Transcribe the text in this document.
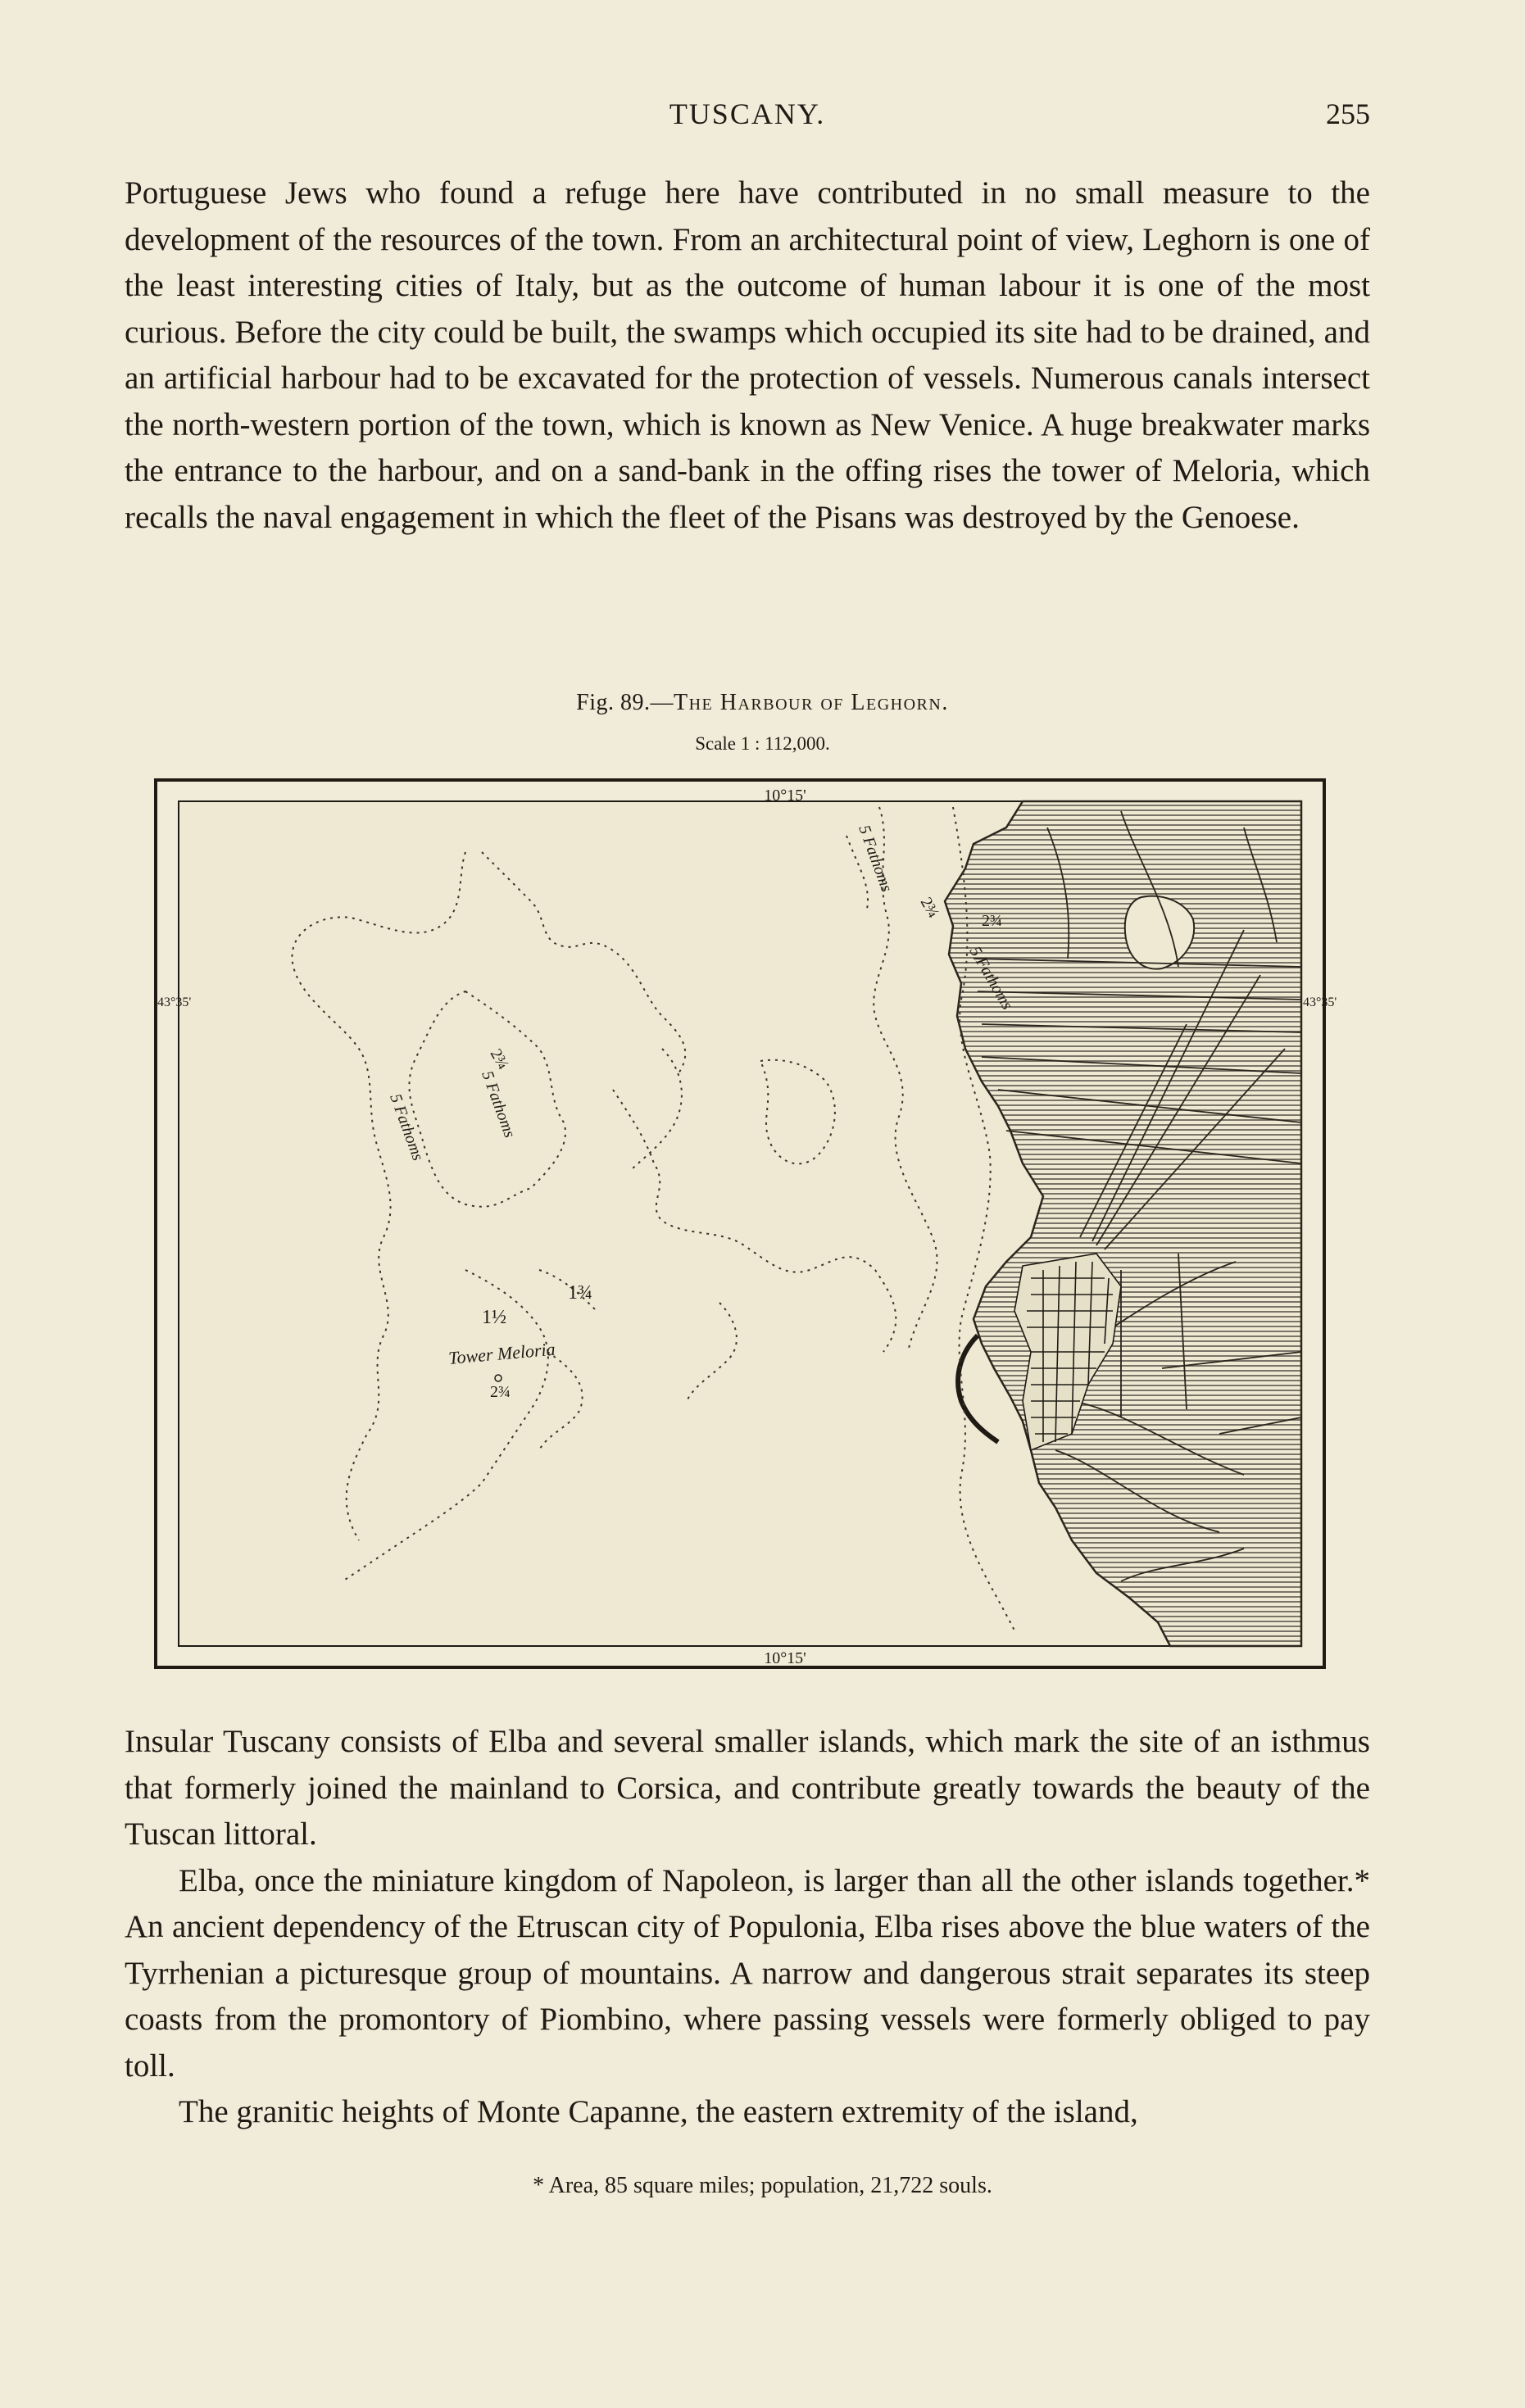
TUSCANY.	255

Portuguese Jews who found a refuge here have contributed in no small measure to the development of the resources of the town. From an architectural point of view, Leghorn is one of the least interesting cities of Italy, but as the outcome of human labour it is one of the most curious. Before the city could be built, the swamps which occupied its site had to be drained, and an artificial harbour had to be excavated for the protection of vessels. Numerous canals intersect the north-western portion of the town, which is known as New Venice. A huge breakwater marks the entrance to the harbour, and on a sand-bank in the offing rises the tower of Meloria, which recalls the naval engagement in which the fleet of the Pisans was destroyed by the Genoese.

Fig. 89.—The Harbour of Leghorn.
Scale 1 : 112,000.
10°15'
10°15'
43°35'	43°35'
Tower Meloria
5 Fathoms
5 Fathoms
5 Fathoms	5 Fathoms
2¾ 2¾
1½
1¾
2¾
2¾

Insular Tuscany consists of Elba and several smaller islands, which mark the site of an isthmus that formerly joined the mainland to Corsica, and contribute greatly towards the beauty of the Tuscan littoral.

Elba, once the miniature kingdom of Napoleon, is larger than all the other islands together.* An ancient dependency of the Etruscan city of Populonia, Elba rises above the blue waters of the Tyrrhenian a picturesque group of mountains. A narrow and dangerous strait separates its steep coasts from the promontory of Piombino, where passing vessels were formerly obliged to pay toll.

The granitic heights of Monte Capanne, the eastern extremity of the island,

* Area, 85 square miles; population, 21,722 souls.
